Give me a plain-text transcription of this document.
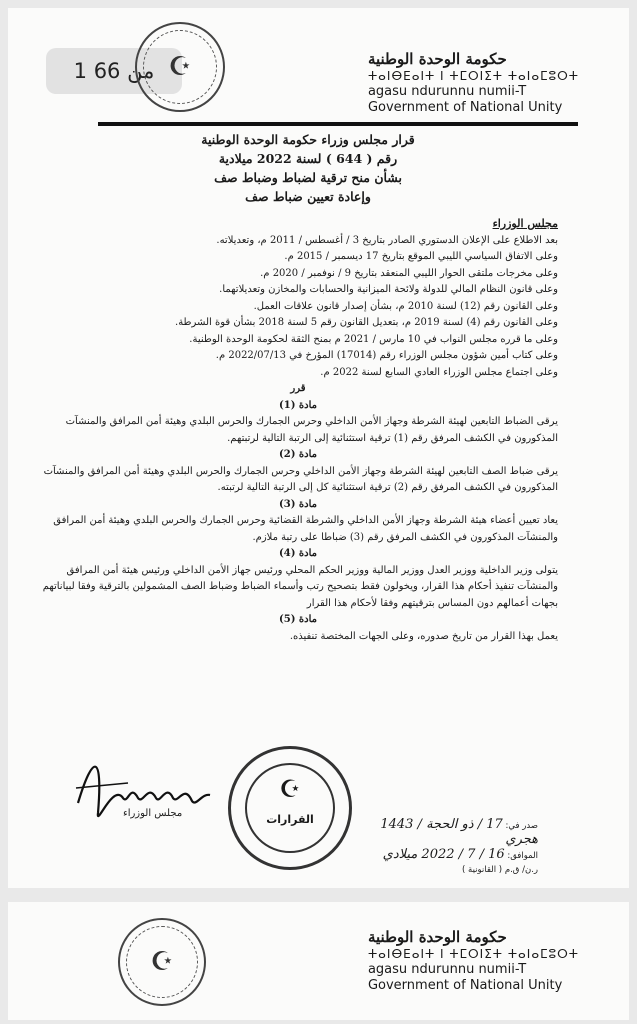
1 من 66 ☪	حكومة الوحدة الوطنية
ⵜⴰⵏⴱⴹⴰⵏⵜ ⵏ ⵜⵎⵔⵏⵉⵜ ⵜⴰⵏⴰⵎⵓⵔⵜ
agasu ndurunnu numii-T
Government of National Unity
قرار مجلس وزراء حكومة الوحدة الوطنية
رقم ( 644 ) لسنة 2022 ميلادية
بشأن منح ترقية لضباط وضباط صف
وإعادة تعيين ضباط صف
مجلس الوزراء
بعد الاطلاع على الإعلان الدستوري الصادر بتاريخ 3 / أغسطس / 2011 م، وتعديلاته.
وعلى الاتفاق السياسي الليبي الموقع بتاريخ 17 ديسمبر / 2015 م.
وعلى مخرجات ملتقى الحوار الليبي المنعقد بتاريخ 9 / نوفمبر / 2020 م.
وعلى قانون النظام المالي للدولة ولائحة الميزانية والحسابات والمخازن وتعديلاتهما.
وعلى القانون رقم (12) لسنة 2010 م، بشأن إصدار قانون علاقات العمل.
وعلى القانون رقم (4) لسنة 2019 م، بتعديل القانون رقم 5 لسنة 2018 بشأن قوة الشرطة.
وعلى ما قرره مجلس النواب في 10 مارس / 2021 م بمنح الثقة لحكومة الوحدة الوطنية.
وعلى كتاب أمين شؤون مجلس الوزراء رقم (17014) المؤرخ في 2022/07/13 م.
وعلى اجتماع مجلس الوزراء العادي السابع لسنة 2022 م.
قرر
مادة (1)
يرقى الضباط التابعين لهيئة الشرطة وجهاز الأمن الداخلي وحرس الجمارك والحرس البلدي وهيئة أمن المرافق والمنشآت المذكورون في الكشف المرفق رقم (1) ترقية استثنائية إلى الرتبة التالية لرتبتهم.
مادة (2)
يرقى ضباط الصف التابعين لهيئة الشرطة وجهاز الأمن الداخلي وحرس الجمارك والحرس البلدي وهيئة أمن المرافق والمنشآت المذكورون في الكشف المرفق رقم (2) ترقية استثنائية كل إلى الرتبة التالية لرتبته.
مادة (3)
يعاد تعيين أعضاء هيئة الشرطة وجهاز الأمن الداخلي والشرطة القضائية وحرس الجمارك والحرس البلدي وهيئة أمن المرافق والمنشآت المذكورون في الكشف المرفق رقم (3) ضباطا على رتبة ملازم.
مادة (4)
يتولى وزير الداخلية ووزير العدل ووزير المالية ووزير الحكم المحلي ورئيس جهاز الأمن الداخلي ورئيس هيئة أمن المرافق والمنشآت تنفيذ أحكام هذا القرار، ويخولون فقط بتصحيح رتب وأسماء الضباط وضباط الصف المشمولين بالترقية وفقا لبياناتهم بجهات أعمالهم دون المساس بترقيتهم وفقا لأحكام هذا القرار
مادة (5)
يعمل بهذا القرار من تاريخ صدوره، وعلى الجهات المختصة تنفيذه.
مجلس الوزراء
☪
القرارات	صدر في: 17 / ذو الحجة / 1443 هجري
الموافق: 16 / 7 / 2022 ميلادي
ر.ن/ ق.م ( القانونية )
☪
حكومة الوحدة الوطنية
ⵜⴰⵏⴱⴹⴰⵏⵜ ⵏ ⵜⵎⵔⵏⵉⵜ ⵜⴰⵏⴰⵎⵓⵔⵜ
agasu ndurunnu numii-T
Government of National Unity
